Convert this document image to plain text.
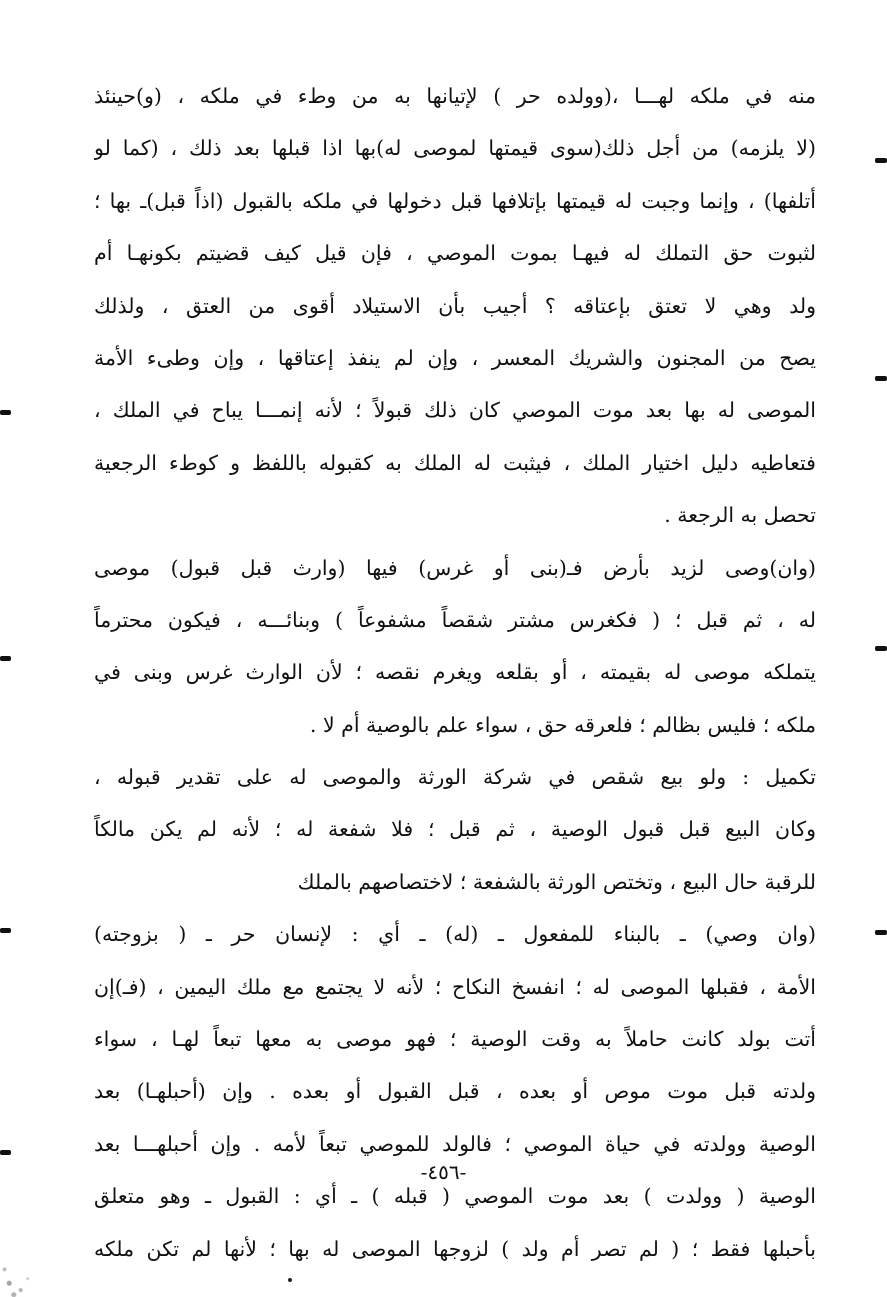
منه في ملكه لهـــا ،(وولده حر ) لإتيانها به من وطء في ملكه ، (و)حينئذ
(لا يلزمه) من أجل ذلك(سوى قيمتها لموصى له)بها اذا قبلها بعد ذلك ، (كما لو
أتلفها) ، وإنما وجبت له قيمتها بإتلافها قبل دخولها في ملكه بالقبول (اذاً قبل)ـ بها ؛
لثبوت حق التملك له فيهـا بموت الموصي ، فإن قيل كيف قضيتم بكونهـا أم
ولد وهي لا تعتق بإعتاقه ؟ أجيب بأن الاستيلاد أقوى من العتق ، ولذلك
يصح من المجنون والشريك المعسر ، وإن لم ينفذ إعتاقها ، وإن وطىء الأمة
الموصى له بها بعد موت الموصي كان ذلك قبولاً ؛ لأنه إنمـــا يباح في الملك ،
فتعاطيه دليل اختيار الملك ، فيثبت له الملك به كقبوله باللفظ و كوطء الرجعية
تحصل به الرجعة .
(وان)وصى لزيد بأرض فـ(بنى أو غرس) فيها (وارث قبل قبول) موصى
له ، ثم قبل ؛ ( فكغرس مشتر شقصاً مشفوعاً ) وبنائـــه ، فيكون محترماً
يتملكه موصى له بقيمته ، أو بقلعه ويغرم نقصه ؛ لأن الوارث غرس وبنى في
ملكه ؛ فليس بظالم ؛ فلعرقه حق ، سواء علم بالوصية أم لا .
تكميل : ولو بيع شقص في شركة الورثة والموصى له على تقدير قبوله ،
وكان البيع قبل قبول الوصية ، ثم قبل ؛ فلا شفعة له ؛ لأنه لم يكن مالكاً
للرقبة حال البيع ، وتختص الورثة بالشفعة ؛ لاختصاصهم بالملك
(وان وصي) ـ بالبناء للمفعول ـ (له) ـ أي : لإنسان حر ـ ( بزوجته)
الأمة ، فقبلها الموصى له ؛ انفسخ النكاح ؛ لأنه لا يجتمع مع ملك اليمين ، (فـ)إن
أتت بولد كانت حاملاً به وقت الوصية ؛ فهو موصى به معها تبعاً لهـا ، سواء
ولدته قبل موت موص أو بعده ، قبل القبول أو بعده . وإن (أحبلهـا) بعد
الوصية وولدته في حياة الموصي ؛ فالولد للموصي تبعاً لأمه . وإن أحبلهـــا بعد
الوصية ( وولدت ) بعد موت الموصي ( قبله ) ـ أي : القبول ـ وهو متعلق
بأحبلها فقط ؛ ( لم تصر أم ولد ) لزوجها الموصى له بها ؛ لأنها لم تكن ملكه
-٤٥٦-
